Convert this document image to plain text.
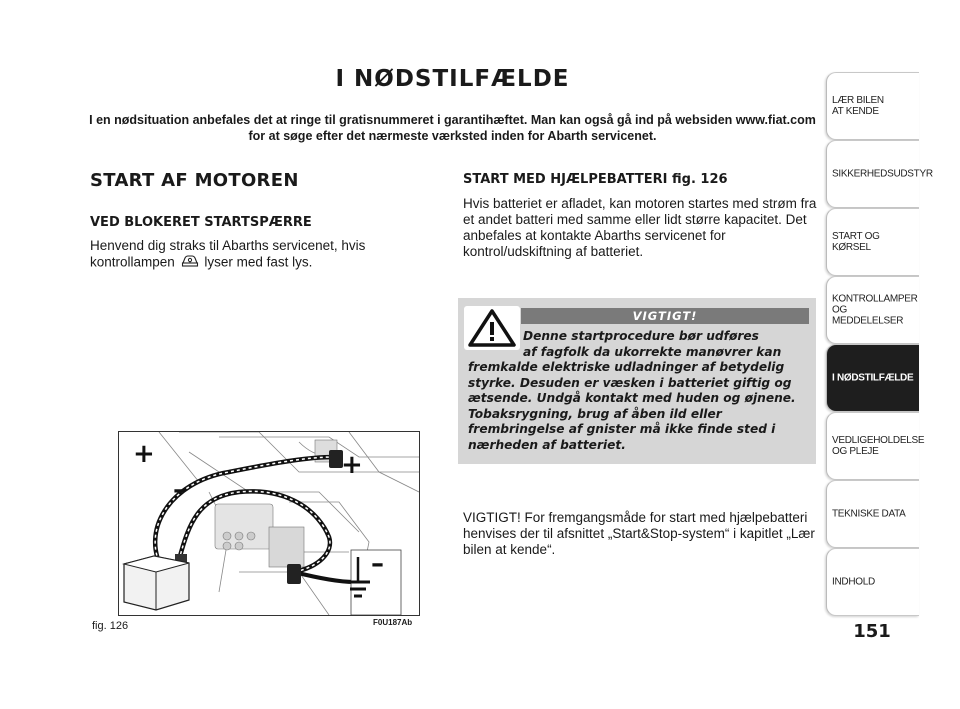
I NØDSTILFÆLDE
I en nødsituation anbefales det at ringe til gratisnummeret i garantihæftet. Man kan også gå ind på websiden www.fiat.com for at søge efter det nærmeste værksted inden for Abarth servicenet.
START AF MOTOREN
VED BLOKERET STARTSPÆRRE
Henvend dig straks til Abarths servicenet, hvis kontrollampen lyser med fast lys.
+	+
–
–
fig. 126	F0U187Ab
START MED HJÆLPEBATTERI fig. 126
Hvis batteriet er afladet, kan motoren startes med strøm fra et andet batteri med samme eller lidt større kapacitet. Det anbefales at kontakte Abarths servicenet for kontrol/udskiftning af batteriet.
VIGTIGT!
Denne startprocedure bør udføres
af fagfolk da ukorrekte manøvrer kan
fremkalde elektriske udladninger af betydelig styrke. Desuden er væsken i batteriet giftig og ætsende. Undgå kontakt med huden og øjnene. Tobaksrygning, brug af åben ild eller frembringelse af gnister må ikke finde sted i nærheden af batteriet.
VIGTIGT! For fremgangsmåde for start med hjælpebatteri henvises der til afsnittet „Start&Stop-system“ i kapitlet „Lær bilen at kende“.
LÆR BILEN
AT KENDE
SIKKERHEDSUDSTYR
START OG KØRSEL
KONTROLLAMPER
OG MEDDELELSER
I NØDSTILFÆLDE
VEDLIGEHOLDELSE
OG PLEJE
TEKNISKE DATA
INDHOLD
151
